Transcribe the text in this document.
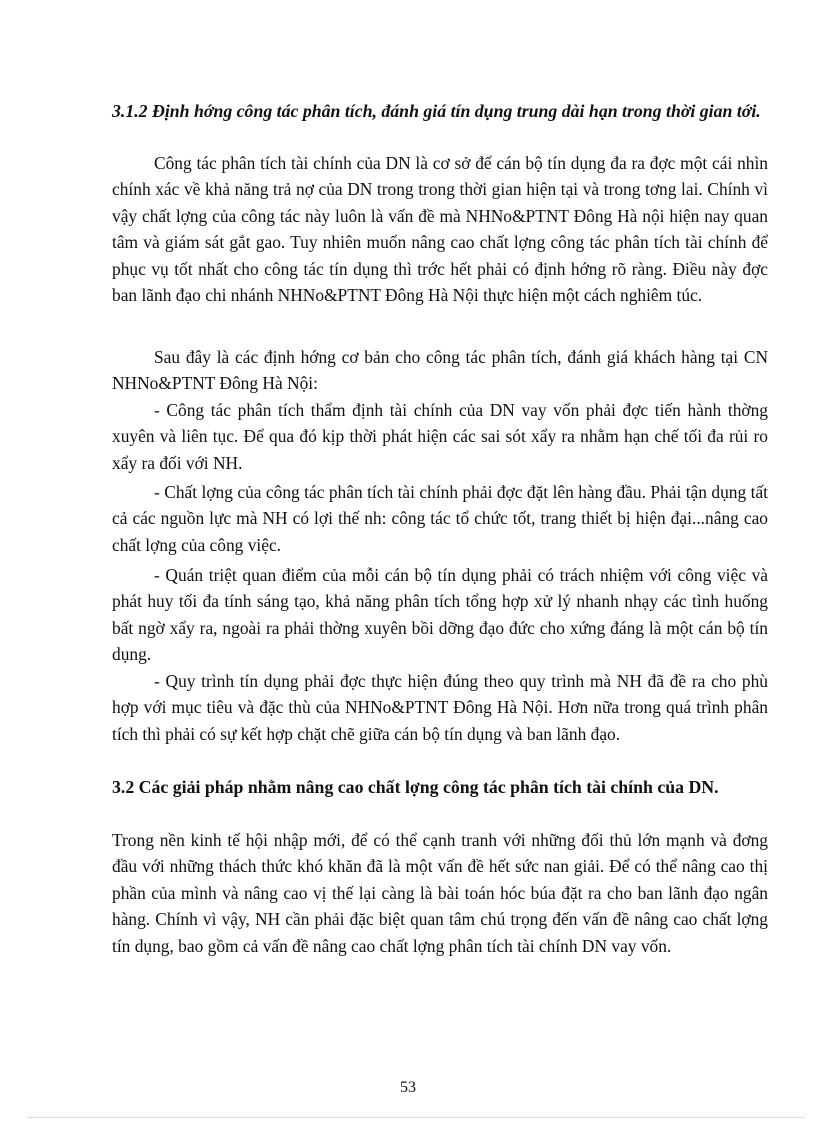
3.1.2 Định hớng công tác phân tích, đánh giá tín dụng trung dài hạn trong thời gian tới.

Công tác phân tích tài chính của DN là cơ sở để cán bộ tín dụng đa ra đợc một cái nhìn chính xác về khả năng trả nợ của DN trong trong thời gian hiện tại và trong tơng lai. Chính vì vậy chất lợng của công tác này luôn là vấn đề mà NHNo&PTNT Đông Hà nội hiện nay quan tâm và giám sát gắt gao. Tuy nhiên muốn nâng cao chất lợng công tác phân tích tài chính để phục vụ tốt nhất cho công tác tín dụng thì trớc hết phải có định hớng rõ ràng. Điều này đợc ban lãnh đạo chi nhánh NHNo&PTNT Đông Hà Nội thực hiện một cách nghiêm túc.

Sau đây là các định hớng cơ bản cho công tác phân tích, đánh giá khách hàng tại CN NHNo&PTNT Đông Hà Nội:

- Công tác phân tích thẩm định tài chính của DN vay vốn phải đợc tiến hành thờng xuyên và liên tục. Để qua đó kịp thời phát hiện các sai sót xẩy ra nhằm hạn chế tối đa rủi ro xẩy ra đối với NH.

- Chất lợng của công tác phân tích tài chính phải đợc đặt lên hàng đầu. Phải tận dụng tất cả các nguồn lực mà NH có lợi thế nh: công tác tổ chức tốt, trang thiết bị hiện đại...nâng cao chất lợng của công việc.

- Quán triệt quan điểm của mỗi cán bộ tín dụng phải có trách nhiệm với công việc và phát huy tối đa tính sáng tạo, khả năng phân tích tổng hợp xử lý nhanh nhạy các tình huống bất ngờ xẩy ra, ngoài ra phải thờng xuyên bồi dỡng đạo đức cho xứng đáng là một cán bộ tín dụng.

- Quy trình tín dụng phải đợc thực hiện đúng theo quy trình mà NH đã đề ra cho phù hợp với mục tiêu và đặc thù của NHNo&PTNT Đông Hà Nội. Hơn nữa trong quá trình phân tích thì phải có sự kết hợp chặt chẽ giữa cán bộ tín dụng và ban lãnh đạo.

3.2 Các giải pháp nhằm nâng cao chất lợng công tác phân tích tài chính của DN.

Trong nền kinh tế hội nhập mới, để có thể cạnh tranh với những đối thủ lớn mạnh và đơng đầu với những thách thức khó khăn đã là một vấn đề hết sức nan giải. Để có thể nâng cao thị phần của mình và nâng cao vị thế lại càng là bài toán hóc búa đặt ra cho ban lãnh đạo ngân hàng. Chính vì vậy, NH cần phải đặc biệt quan tâm chú trọng đến vấn đề nâng cao chất lợng tín dụng, bao gồm cả vấn đề nâng cao chất lợng phân tích tài chính DN vay vốn.

53
